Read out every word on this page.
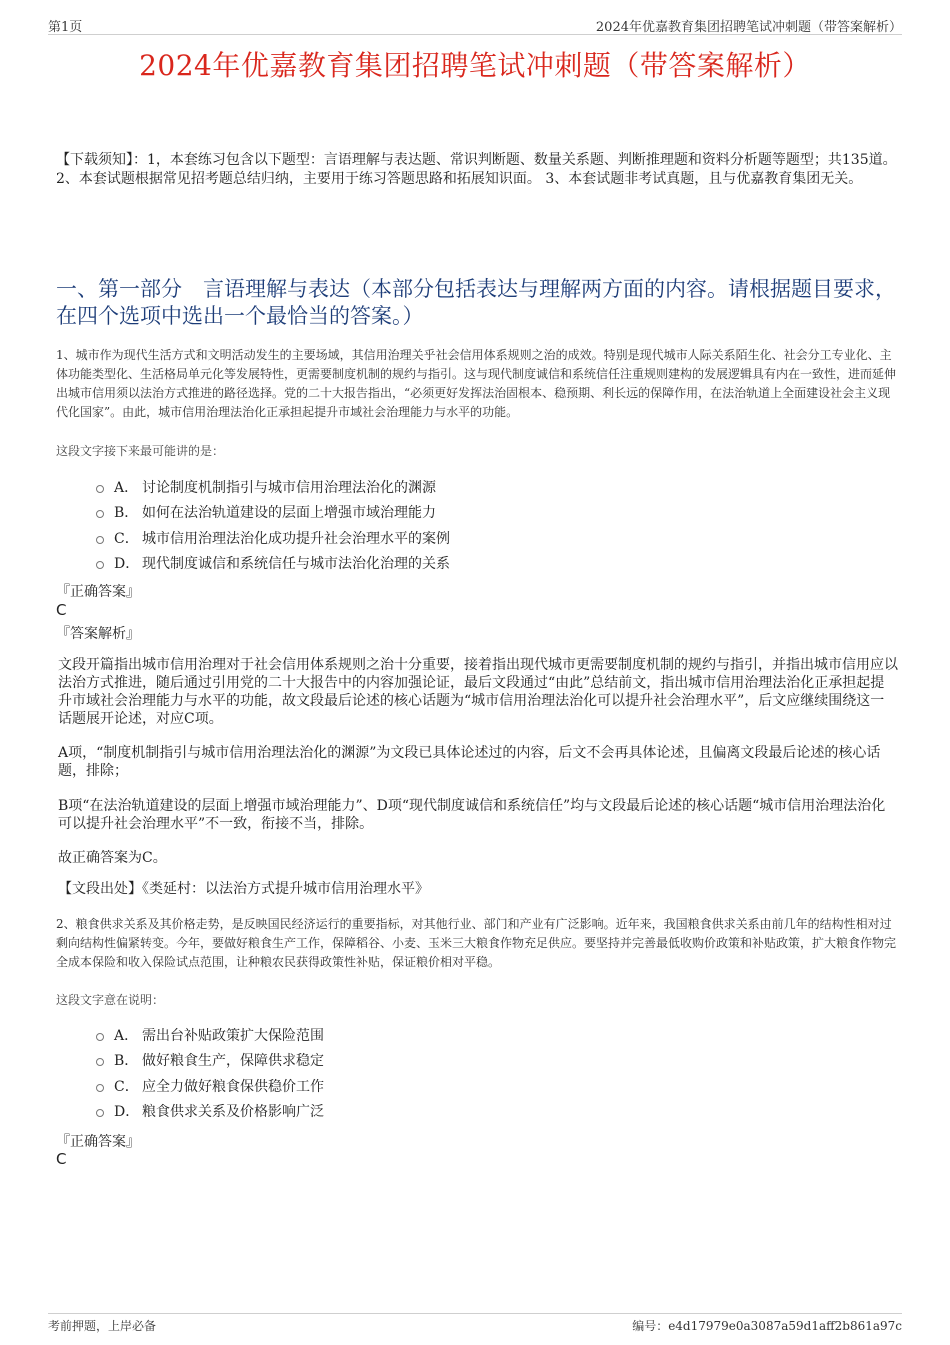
第1页	2024年优嘉教育集团招聘笔试冲刺题（带答案解析）
2024年优嘉教育集团招聘笔试冲刺题（带答案解析）
【下载须知】：1，本套练习包含以下题型：言语理解与表达题、常识判断题、数量关系题、判断推理题和资料分析题等题型；共135道。 2、本套试题根据常见招考题总结归纳，主要用于练习答题思路和拓展知识面。 3、本套试题非考试真题，且与优嘉教育集团无关。
一、第一部分　言语理解与表达（本部分包括表达与理解两方面的内容。请根据题目要求，在四个选项中选出一个最恰当的答案。）
1、城市作为现代生活方式和文明活动发生的主要场域，其信用治理关乎社会信用体系规则之治的成效。特别是现代城市人际关系陌生化、社会分工专业化、主体功能类型化、生活格局单元化等发展特性，更需要制度机制的规约与指引。这与现代制度诚信和系统信任注重规则建构的发展逻辑具有内在一致性，进而延伸出城市信用须以法治方式推进的路径选择。党的二十大报告指出，“必须更好发挥法治固根本、稳预期、利长远的保障作用，在法治轨道上全面建设社会主义现代化国家”。由此，城市信用治理法治化正承担起提升市域社会治理能力与水平的功能。
这段文字接下来最可能讲的是：
A． 讨论制度机制指引与城市信用治理法治化的渊源
B． 如何在法治轨道建设的层面上增强市域治理能力
C． 城市信用治理法治化成功提升社会治理水平的案例
D． 现代制度诚信和系统信任与城市法治化治理的关系
『正确答案』
C
『答案解析』
文段开篇指出城市信用治理对于社会信用体系规则之治十分重要，接着指出现代城市更需要制度机制的规约与指引，并指出城市信用应以法治方式推进，随后通过引用党的二十大报告中的内容加强论证，最后文段通过“由此”总结前文，指出城市信用治理法治化正承担起提升市域社会治理能力与水平的功能，故文段最后论述的核心话题为“城市信用治理法治化可以提升社会治理水平”，后文应继续围绕这一话题展开论述，对应C项。
A项，“制度机制指引与城市信用治理法治化的渊源”为文段已具体论述过的内容，后文不会再具体论述，且偏离文段最后论述的核心话题，排除；
B项“在法治轨道建设的层面上增强市域治理能力”、D项“现代制度诚信和系统信任”均与文段最后论述的核心话题“城市信用治理法治化可以提升社会治理水平”不一致，衔接不当，排除。
故正确答案为C。
【文段出处】《类延村：以法治方式提升城市信用治理水平》
2、粮食供求关系及其价格走势，是反映国民经济运行的重要指标，对其他行业、部门和产业有广泛影响。近年来，我国粮食供求关系由前几年的结构性相对过剩向结构性偏紧转变。今年，要做好粮食生产工作，保障稻谷、小麦、玉米三大粮食作物充足供应。要坚持并完善最低收购价政策和补贴政策，扩大粮食作物完全成本保险和收入保险试点范围，让种粮农民获得政策性补贴，保证粮价相对平稳。
这段文字意在说明：
A． 需出台补贴政策扩大保险范围
B． 做好粮食生产，保障供求稳定
C． 应全力做好粮食保供稳价工作
D． 粮食供求关系及价格影响广泛
『正确答案』
C
考前押题，上岸必备	编号：e4d17979e0a3087a59d1aff2b861a97c
